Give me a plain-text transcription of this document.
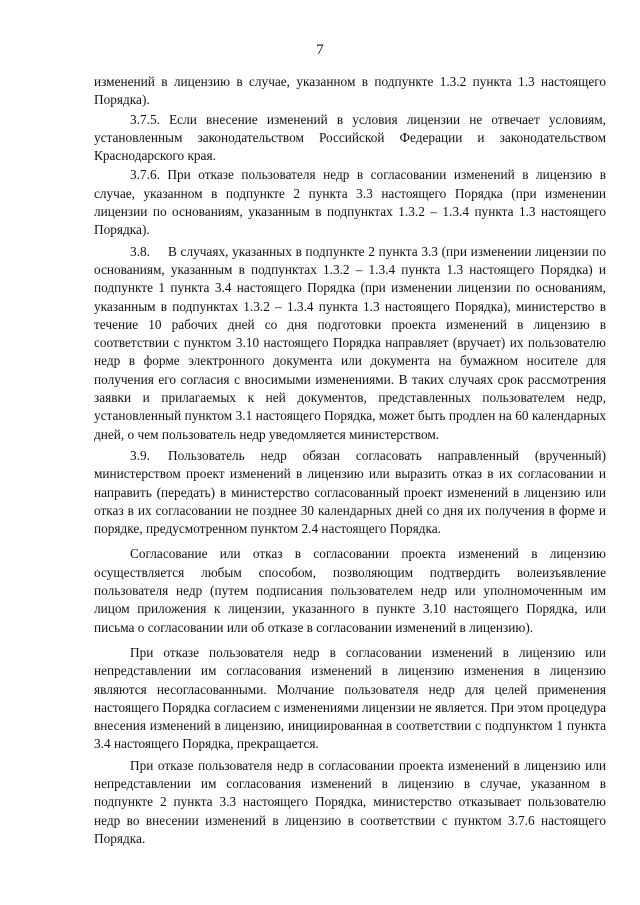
7

изменений в лицензию в случае, указанном в подпункте 1.3.2 пункта 1.3 настоящего Порядка).

3.7.5. Если внесение изменений в условия лицензии не отвечает условиям, установленным законодательством Российской Федерации и законодательством Краснодарского края.

3.7.6. При отказе пользователя недр в согласовании изменений в лицензию в случае, указанном в подпункте 2 пункта 3.3 настоящего Порядка (при изменении лицензии по основаниям, указанным в подпунктах 1.3.2 – 1.3.4 пункта 1.3 настоящего Порядка).

3.8. В случаях, указанных в подпункте 2 пункта 3.3 (при изменении лицензии по основаниям, указанным в подпунктах 1.3.2 – 1.3.4 пункта 1.3 настоящего Порядка) и подпункте 1 пункта 3.4 настоящего Порядка (при изменении лицензии по основаниям, указанным в подпунктах 1.3.2 – 1.3.4 пункта 1.3 настоящего Порядка), министерство в течение 10 рабочих дней со дня подготовки проекта изменений в лицензию в соответствии с пунктом 3.10 настоящего Порядка направляет (вручает) их пользователю недр в форме электронного документа или документа на бумажном носителе для получения его согласия с вносимыми изменениями. В таких случаях срок рассмотрения заявки и прилагаемых к ней документов, представленных пользователем недр, установленный пунктом 3.1 настоящего Порядка, может быть продлен на 60 календарных дней, о чем пользователь недр уведомляется министерством.

3.9. Пользователь недр обязан согласовать направленный (врученный) министерством проект изменений в лицензию или выразить отказ в их согласовании и направить (передать) в министерство согласованный проект изменений в лицензию или отказ в их согласовании не позднее 30 календарных дней со дня их получения в форме и порядке, предусмотренном пунктом 2.4 настоящего Порядка.

Согласование или отказ в согласовании проекта изменений в лицензию осуществляется любым способом, позволяющим подтвердить волеизъявление пользователя недр (путем подписания пользователем недр или уполномоченным им лицом приложения к лицензии, указанного в пункте 3.10 настоящего Порядка, или письма о согласовании или об отказе в согласовании изменений в лицензию).

При отказе пользователя недр в согласовании изменений в лицензию или непредставлении им согласования изменений в лицензию изменения в лицензию являются несогласованными. Молчание пользователя недр для целей применения настоящего Порядка согласием с изменениями лицензии не является. При этом процедура внесения изменений в лицензию, инициированная в соответствии с подпунктом 1 пункта 3.4 настоящего Порядка, прекращается.

При отказе пользователя недр в согласовании проекта изменений в лицензию или непредставлении им согласования изменений в лицензию в случае, указанном в подпункте 2 пункта 3.3 настоящего Порядка, министерство отказывает пользователю недр во внесении изменений в лицензию в соответствии с пунктом 3.7.6 настоящего Порядка.
